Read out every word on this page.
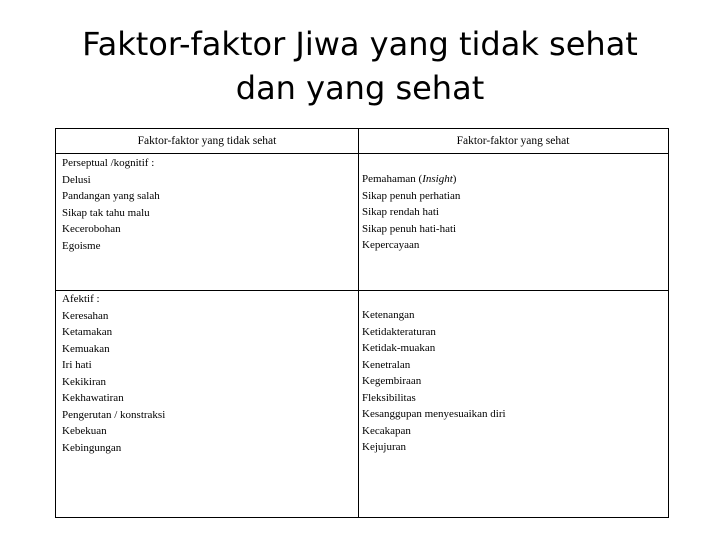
Faktor-faktor Jiwa yang tidak sehat
dan yang sehat
Faktor-faktor yang tidak sehat	Faktor-faktor yang sehat
Perseptual /kognitif :
Delusi
Pandangan yang salah
Sikap tak tahu malu
Kecerobohan
Egoisme
Pemahaman (Insight)
Sikap penuh perhatian
Sikap rendah hati
Sikap penuh hati-hati
Kepercayaan
Afektif :
Keresahan
Ketamakan
Kemuakan
Iri hati
Kekikiran
Kekhawatiran
Pengerutan / konstraksi
Kebekuan
Kebingungan
Ketenangan
Ketidakteraturan
Ketidak-muakan
Kenetralan
Kegembiraan
Fleksibilitas
Kesanggupan menyesuaikan diri
Kecakapan
Kejujuran
